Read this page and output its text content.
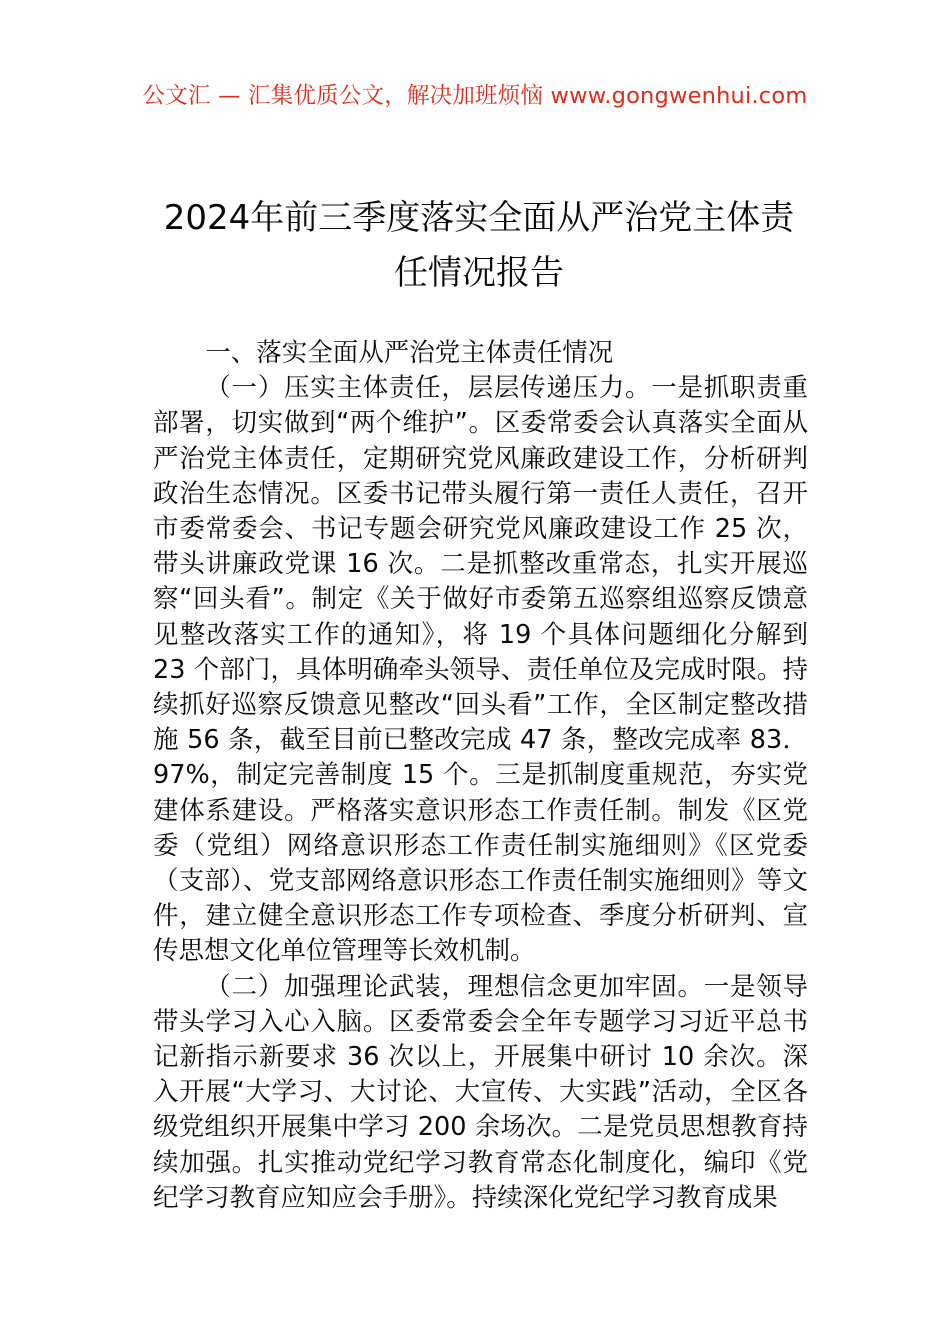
公文汇 — 汇集优质公文，解决加班烦恼 www.gongwenhui.com
2024年前三季度落实全面从严治党主体责任情况报告

一、落实全面从严治党主体责任情况

（一）压实主体责任，层层传递压力。一是抓职责重部署，切实做到“两个维护”。区委常委会认真落实全面从严治党主体责任，定期研究党风廉政建设工作，分析研判政治生态情况。区委书记带头履行第一责任人责任，召开市委常委会、书记专题会研究党风廉政建设工作 25 次，带头讲廉政党课 16 次。二是抓整改重常态，扎实开展巡察“回头看”。制定《关于做好市委第五巡察组巡察反馈意见整改落实工作的通知》，将 19 个具体问题细化分解到 23 个部门，具体明确牵头领导、责任单位及完成时限。持续抓好巡察反馈意见整改“回头看”工作，全区制定整改措施 56 条，截至目前已整改完成 47 条，整改完成率 83．97%，制定完善制度 15 个。三是抓制度重规范，夯实党建体系建设。严格落实意识形态工作责任制。制发《区党委（党组）网络意识形态工作责任制实施细则》《区党委（支部）、党支部网络意识形态工作责任制实施细则》等文件，建立健全意识形态工作专项检查、季度分析研判、宣传思想文化单位管理等长效机制。

（二）加强理论武装，理想信念更加牢固。一是领导带头学习入心入脑。区委常委会全年专题学习习近平总书记新指示新要求 36 次以上，开展集中研讨 10 余次。深入开展“大学习、大讨论、大宣传、大实践”活动，全区各级党组织开展集中学习 200 余场次。二是党员思想教育持续加强。扎实推动党纪学习教育常态化制度化，编印《党纪学习教育应知应会手册》。持续深化党纪学习教育成果
